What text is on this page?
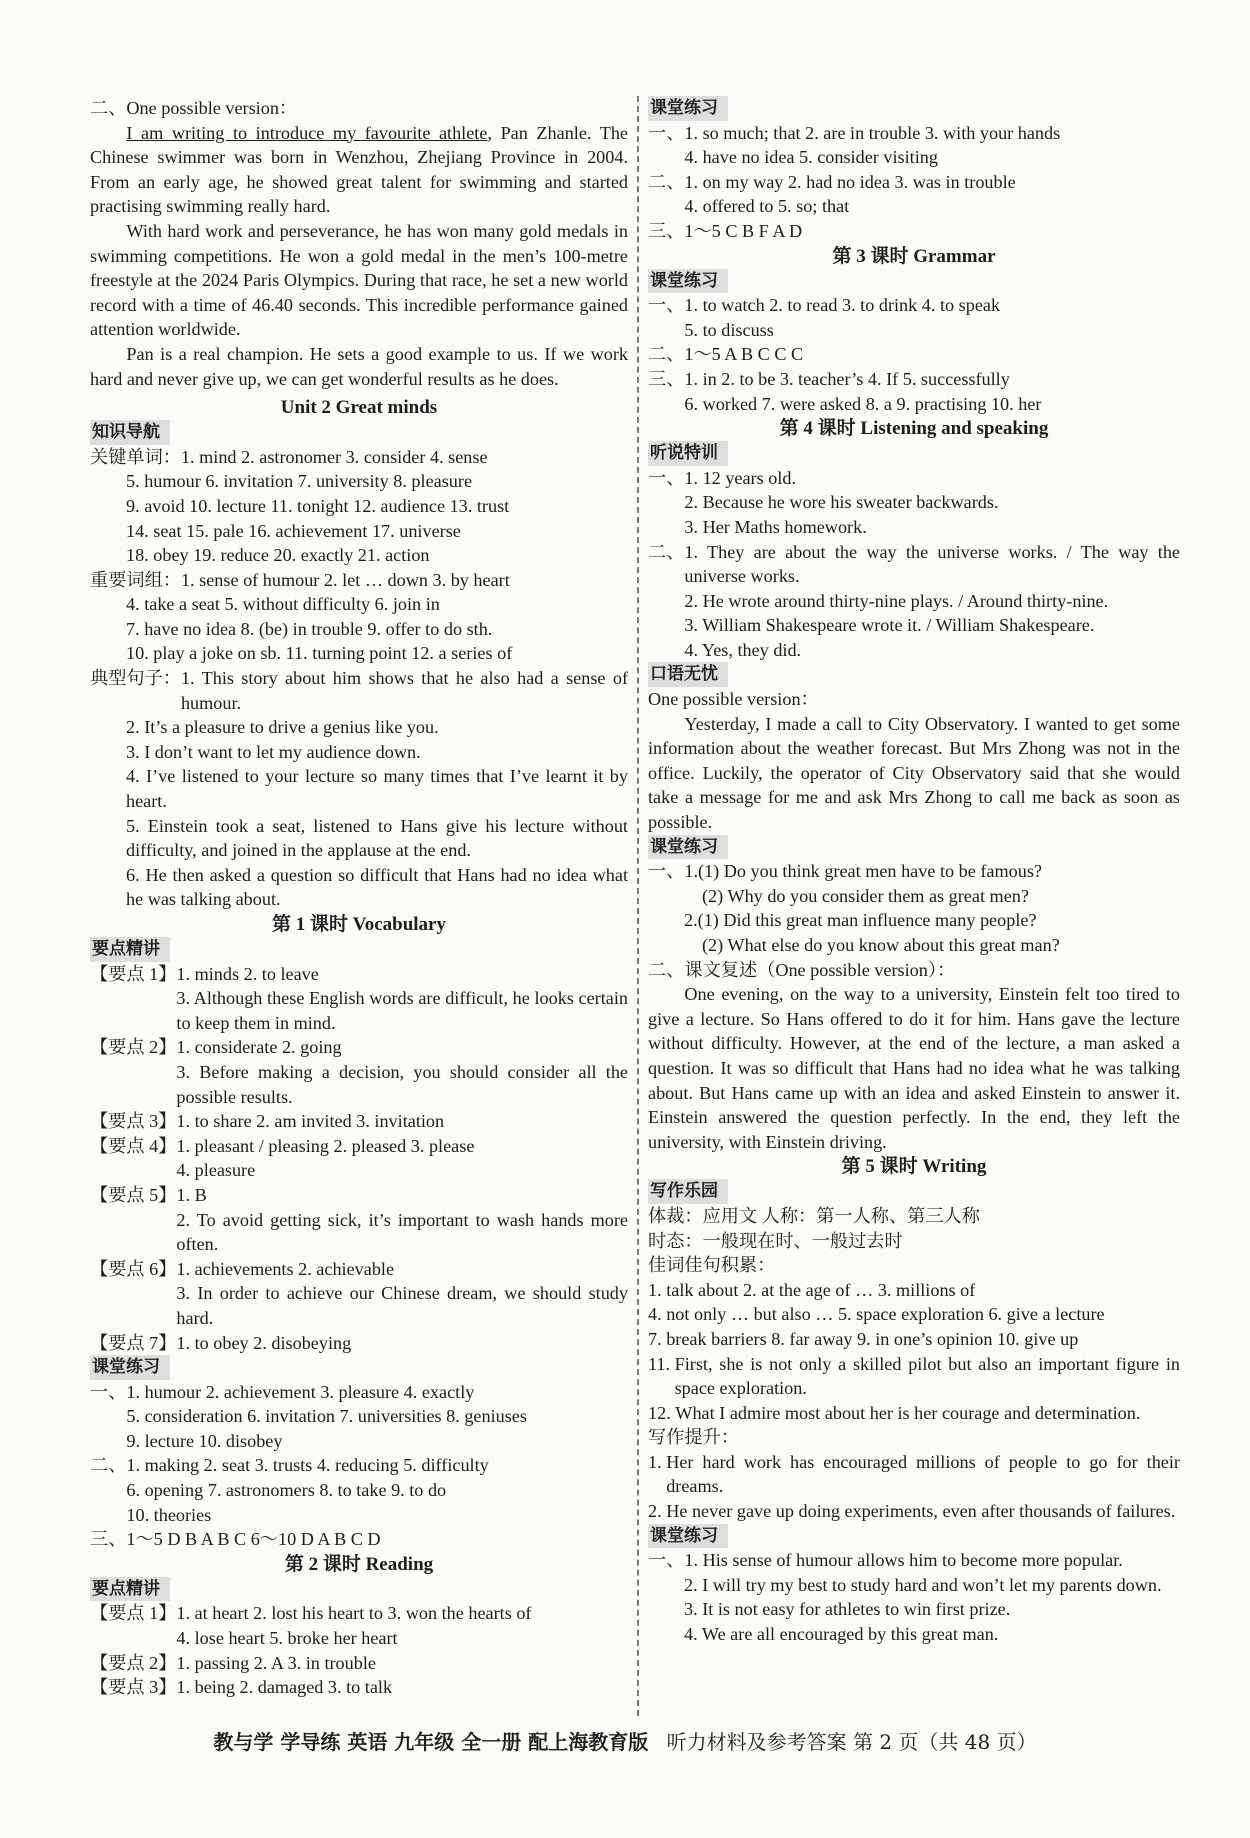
二、One possible version：

I am writing to introduce my favourite athlete, Pan Zhanle. The Chinese swimmer was born in Wenzhou, Zhejiang Province in 2004. From an early age, he showed great talent for swimming and started practising swimming really hard.

With hard work and perseverance, he has won many gold medals in swimming competitions. He won a gold medal in the men’s 100-metre freestyle at the 2024 Paris Olympics. During that race, he set a new world record with a time of 46.40 seconds. This incredible performance gained attention worldwide.

Pan is a real champion. He sets a good example to us. If we work hard and never give up, we can get wonderful results as he does.

Unit 2 Great minds

知识导航
关键单词： 1. mind 2. astronomer 3. consider 4. sense
5. humour 6. invitation 7. university 8. pleasure
9. avoid 10. lecture 11. tonight 12. audience 13. trust
14. seat 15. pale 16. achievement 17. universe
18. obey 19. reduce 20. exactly 21. action
重要词组： 1. sense of humour 2. let … down 3. by heart
4. take a seat 5. without difficulty 6. join in
7. have no idea 8. (be) in trouble 9. offer to do sth.
10. play a joke on sb. 11. turning point 12. a series of
典型句子： 1. This story about him shows that he also had a sense of humour.
2. It’s a pleasure to drive a genius like you.
3. I don’t want to let my audience down.
4. I’ve listened to your lecture so many times that I’ve learnt it by heart.
5. Einstein took a seat, listened to Hans give his lecture without difficulty, and joined in the applause at the end.
6. He then asked a question so difficult that Hans had no idea what he was talking about.

第 1 课时 Vocabulary

要点精讲
【要点 1】 1. minds 2. to leave
3. Although these English words are difficult, he looks certain to keep them in mind.
【要点 2】 1. considerate 2. going
3. Before making a decision, you should consider all the possible results.
【要点 3】 1. to share 2. am invited 3. invitation
【要点 4】 1. pleasant / pleasing 2. pleased 3. please
4. pleasure
【要点 5】 1. B
2. To avoid getting sick, it’s important to wash hands more often.
【要点 6】 1. achievements 2. achievable
3. In order to achieve our Chinese dream, we should study hard.
【要点 7】 1. to obey 2. disobeying
课堂练习
一、 1. humour 2. achievement 3. pleasure 4. exactly
5. consideration 6. invitation 7. universities 8. geniuses
9. lecture 10. disobey
二、 1. making 2. seat 3. trusts 4. reducing 5. difficulty
6. opening 7. astronomers 8. to take 9. to do
10. theories
三、 1～5 D B A B C 6～10 D A B C D

第 2 课时 Reading

要点精讲
【要点 1】 1. at heart 2. lost his heart to 3. won the hearts of
4. lose heart 5. broke her heart
【要点 2】 1. passing 2. A 3. in trouble
【要点 3】 1. being 2. damaged 3. to talk
课堂练习
一、 1. so much; that 2. are in trouble 3. with your hands
4. have no idea 5. consider visiting
二、 1. on my way 2. had no idea 3. was in trouble
4. offered to 5. so; that
三、 1～5 C B F A D

第 3 课时 Grammar

课堂练习
一、 1. to watch 2. to read 3. to drink 4. to speak
5. to discuss
二、 1～5 A B C C C
三、 1. in 2. to be 3. teacher’s 4. If 5. successfully
6. worked 7. were asked 8. a 9. practising 10. her

第 4 课时 Listening and speaking

听说特训
一、 1. 12 years old.
2. Because he wore his sweater backwards.
3. Her Maths homework.
二、 1. They are about the way the universe works. / The way the universe works.
2. He wrote around thirty-nine plays. / Around thirty-nine.
3. William Shakespeare wrote it. / William Shakespeare.
4. Yes, they did.
口语无忧

One possible version：

Yesterday, I made a call to City Observatory. I wanted to get some information about the weather forecast. But Mrs Zhong was not in the office. Luckily, the operator of City Observatory said that she would take a message for me and ask Mrs Zhong to call me back as soon as possible.

课堂练习
一、 1.(1) Do you think great men have to be famous?
(2) Why do you consider them as great men?
2.(1) Did this great man influence many people?
(2) What else do you know about this great man?

二、课文复述（One possible version）：

One evening, on the way to a university, Einstein felt too tired to give a lecture. So Hans offered to do it for him. Hans gave the lecture without difficulty. However, at the end of the lecture, a man asked a question. It was so difficult that Hans had no idea what he was talking about. But Hans came up with an idea and asked Einstein to answer it. Einstein answered the question perfectly. In the end, they left the university, with Einstein driving.

第 5 课时 Writing

写作乐园

体裁：应用文 人称：第一人称、第三人称

时态：一般现在时、一般过去时

佳词佳句积累：

1. talk about 2. at the age of … 3. millions of
4. not only … but also … 5. space exploration 6. give a lecture
7. break barriers 8. far away 9. in one’s opinion 10. give up
11. First, she is not only a skilled pilot but also an important figure in space exploration.
12. What I admire most about her is her courage and determination.

写作提升：

1. Her hard work has encouraged millions of people to go for their dreams.
2. He never gave up doing experiments, even after thousands of failures.
课堂练习
一、 1. His sense of humour allows him to become more popular.
2. I will try my best to study hard and won’t let my parents down.
3. It is not easy for athletes to win first prize.
4. We are all encouraged by this great man.
教与学 学导练 英语 九年级 全一册 配上海教育版 听力材料及参考答案 第 2 页（共 48 页）
